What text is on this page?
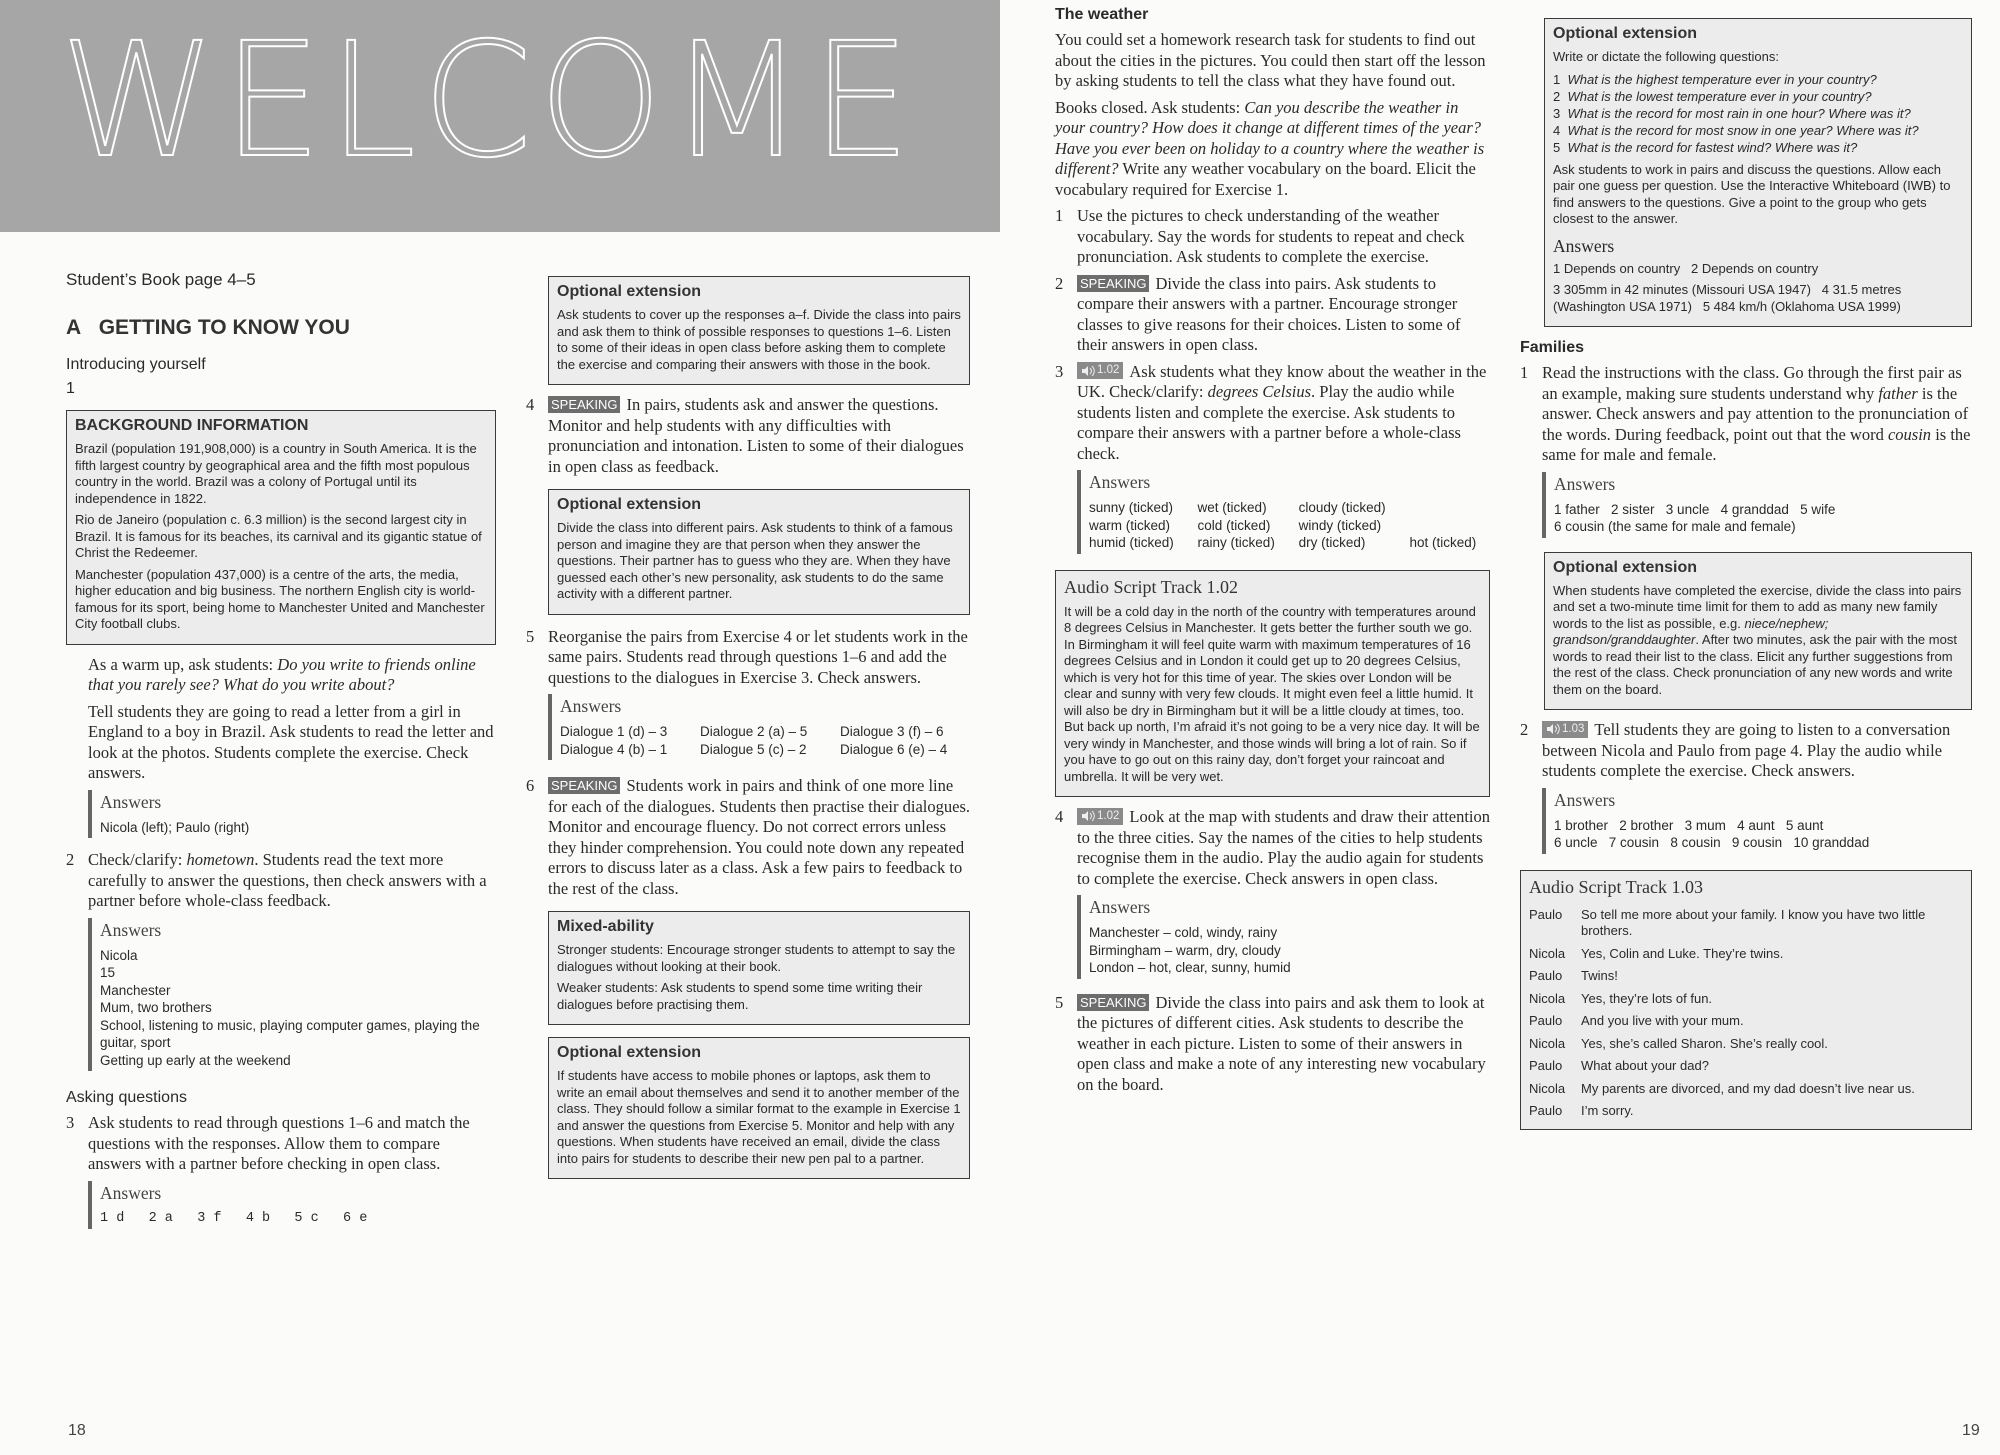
WELCOME
Student’s Book page 4–5
A GETTING TO KNOW YOU
Introducing yourself
1
BACKGROUND INFORMATION

Brazil (population 191,908,000) is a country in South America. It is the fifth largest country by geographical area and the fifth most populous country in the world. Brazil was a colony of Portugal until its independence in 1822.

Rio de Janeiro (population c. 6.3 million) is the second largest city in Brazil. It is famous for its beaches, its carnival and its gigantic statue of Christ the Redeemer.

Manchester (population 437,000) is a centre of the arts, the media, higher education and big business. The northern English city is world-famous for its sport, being home to Manchester United and Manchester City football clubs.

As a warm up, ask students: Do you write to friends online that you rarely see? What do you write about?

Tell students they are going to read a letter from a girl in England to a boy in Brazil. Ask students to read the letter and look at the photos. Students complete the exercise. Check answers.

Answers

Nicola (left); Paulo (right)

2 Check/clarify: hometown. Students read the text more carefully to answer the questions, then check answers with a partner before whole-class feedback.
Answers

Nicola

15

Manchester

Mum, two brothers

School, listening to music, playing computer games, playing the guitar, sport

Getting up early at the weekend

Asking questions
3 Ask students to read through questions 1–6 and match the questions with the responses. Allow them to compare answers with a partner before checking in open class.
Answers

1 d   2 a   3 f   4 b   5 c   6 e

Optional extension

Ask students to cover up the responses a–f. Divide the class into pairs and ask them to think of possible responses to questions 1–6. Listen to some of their ideas in open class before asking them to complete the exercise and comparing their answers with those in the book.

4	SPEAKING In pairs, students ask and answer the questions. Monitor and help students with any difficulties with pronunciation and intonation. Listen to some of their dialogues in open class as feedback.
Optional extension

Divide the class into different pairs. Ask students to think of a famous person and imagine they are that person when they answer the questions. Their partner has to guess who they are. When they have guessed each other’s new personality, ask students to do the same activity with a different partner.

5 Reorganise the pairs from Exercise 4 or let students work in the same pairs. Students read through questions 1–6 and add the questions to the dialogues in Exercise 3. Check answers.
Answers
Dialogue 1 (d) – 3	Dialogue 2 (a) – 5	Dialogue 3 (f) – 6
Dialogue 4 (b) – 1	Dialogue 5 (c) – 2	Dialogue 6 (e) – 4
6	SPEAKING Students work in pairs and think of one more line for each of the dialogues. Students then practise their dialogues. Monitor and encourage fluency. Do not correct errors unless they hinder comprehension. You could note down any repeated errors to discuss later as a class. Ask a few pairs to feedback to the rest of the class.
Mixed-ability

Stronger students: Encourage stronger students to attempt to say the dialogues without looking at their book.

Weaker students: Ask students to spend some time writing their dialogues before practising them.

Optional extension

If students have access to mobile phones or laptops, ask them to write an email about themselves and send it to another member of the class. They should follow a similar format to the example in Exercise 1 and answer the questions from Exercise 5. Monitor and help with any questions. When students have received an email, divide the class into pairs for students to describe their new pen pal to a partner.

18
The weather

You could set a homework research task for students to find out about the cities in the pictures. You could then start off the lesson by asking students to tell the class what they have found out.

Books closed. Ask students: Can you describe the weather in your country? How does it change at different times of the year? Have you ever been on holiday to a country where the weather is different? Write any weather vocabulary on the board. Elicit the vocabulary required for Exercise 1.

1 Use the pictures to check understanding of the weather vocabulary. Say the words for students to repeat and check pronunciation. Ask students to complete the exercise.
2	SPEAKING Divide the class into pairs. Ask students to compare their answers with a partner. Encourage stronger classes to give reasons for their choices. Listen to some of their answers in open class.
3	1.02 Ask students what they know about the weather in the UK. Check/clarify: degrees Celsius. Play the audio while students listen and complete the exercise. Ask students to compare their answers with a partner before a whole-class check.
Answers
sunny (ticked)	wet (ticked)	cloudy (ticked)
warm (ticked)	cold (ticked)	windy (ticked)
humid (ticked)	rainy (ticked)	dry (ticked)	hot (ticked)
Audio Script Track 1.02

It will be a cold day in the north of the country with temperatures around 8 degrees Celsius in Manchester. It gets better the further south we go. In Birmingham it will feel quite warm with maximum temperatures of 16 degrees Celsius and in London it could get up to 20 degrees Celsius, which is very hot for this time of year. The skies over London will be clear and sunny with very few clouds. It might even feel a little humid. It will also be dry in Birmingham but it will be a little cloudy at times, too. But back up north, I’m afraid it’s not going to be a very nice day. It will be very windy in Manchester, and those winds will bring a lot of rain. So if you have to go out on this rainy day, don’t forget your raincoat and umbrella. It will be very wet.

4	1.02 Look at the map with students and draw their attention to the three cities. Say the names of the cities to help students recognise them in the audio. Play the audio again for students to complete the exercise. Check answers in open class.
Answers

Manchester – cold, windy, rainy

Birmingham – warm, dry, cloudy

London – hot, clear, sunny, humid

5	SPEAKING Divide the class into pairs and ask them to look at the pictures of different cities. Ask students to describe the weather in each picture. Listen to some of their answers in open class and make a note of any interesting new vocabulary on the board.
Optional extension

Write or dictate the following questions:

1 What is the highest temperature ever in your country?
2 What is the lowest temperature ever in your country?
3 What is the record for most rain in one hour? Where was it?
4 What is the record for most snow in one year? Where was it?
5 What is the record for fastest wind? Where was it?

Ask students to work in pairs and discuss the questions. Allow each pair one guess per question. Use the Interactive Whiteboard (IWB) to find answers to the questions. Give a point to the group who gets closest to the answer.

Answers

1 Depends on country   2 Depends on country

3 305mm in 42 minutes (Missouri USA 1947)   4 31.5 metres (Washington USA 1971)   5 484 km/h (Oklahoma USA 1999)

Families
1 Read the instructions with the class. Go through the first pair as an example, making sure students understand why father is the answer. Check answers and pay attention to the pronunciation of the words. During feedback, point out that the word cousin is the same for male and female.
Answers

1 father   2 sister   3 uncle   4 granddad   5 wife

6 cousin (the same for male and female)

Optional extension

When students have completed the exercise, divide the class into pairs and set a two-minute time limit for them to add as many new family words to the list as possible, e.g. niece/nephew; grandson/granddaughter. After two minutes, ask the pair with the most words to read their list to the class. Elicit any further suggestions from the rest of the class. Check pronunciation of any new words and write them on the board.

2	1.03 Tell students they are going to listen to a conversation between Nicola and Paulo from page 4. Play the audio while students complete the exercise. Check answers.
Answers

1 brother   2 brother   3 mum   4 aunt   5 aunt

6 uncle   7 cousin   8 cousin   9 cousin   10 granddad

Audio Script Track 1.03
Paulo	So tell me more about your family. I know you have two little brothers.
Nicola	Yes, Colin and Luke. They’re twins.
Paulo	Twins!
Nicola	Yes, they’re lots of fun.
Paulo	And you live with your mum.
Nicola	Yes, she’s called Sharon. She’s really cool.
Paulo	What about your dad?
Nicola	My parents are divorced, and my dad doesn’t live near us.
Paulo	I’m sorry.
19
